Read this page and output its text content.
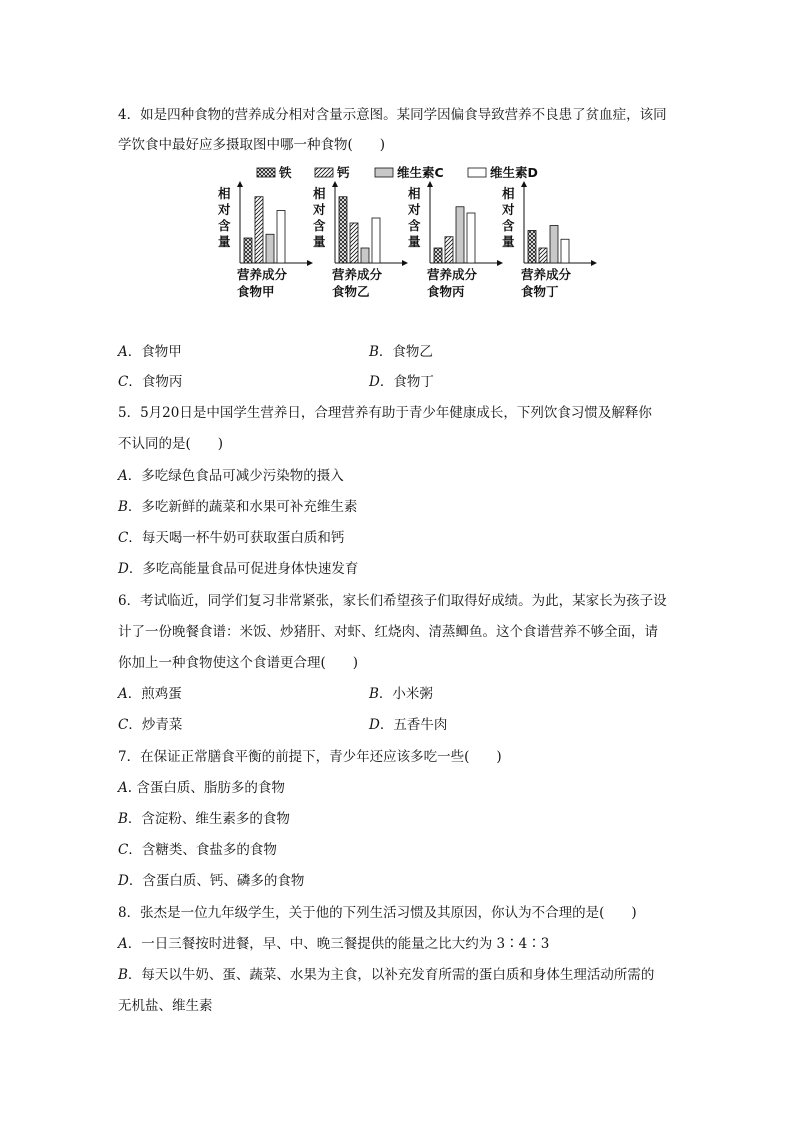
4．如是四种食物的营养成分相对含量示意图。某同学因偏食导致营养不良患了贫血症，该同
学饮食中最好应多摄取图中哪一种食物(　　)
铁	钙	维生素C	维生素D
相
对
含
量
营养成分
食物甲
相
对
含
量
营养成分
食物乙
相
对
含
量
营养成分
食物丙
相
对
含
量
营养成分
食物丁
A．食物甲	B．食物乙
C．食物丙	D．食物丁
5．5月20日是中国学生营养日，合理营养有助于青少年健康成长，下列饮食习惯及解释你
不认同的是(　　)
A．多吃绿色食品可减少污染物的摄入
B．多吃新鲜的蔬菜和水果可补充维生素
C．每天喝一杯牛奶可获取蛋白质和钙
D．多吃高能量食品可促进身体快速发育
6．考试临近，同学们复习非常紧张，家长们希望孩子们取得好成绩。为此，某家长为孩子设
计了一份晚餐食谱：米饭、炒猪肝、对虾、红烧肉、清蒸鲫鱼。这个食谱营养不够全面，请
你加上一种食物使这个食谱更合理(　　)
A．煎鸡蛋	B．小米粥
C．炒青菜	D．五香牛肉
7．在保证正常膳食平衡的前提下，青少年还应该多吃一些(　　)
A. 含蛋白质、脂肪多的食物
B．含淀粉、维生素多的食物
C．含糖类、食盐多的食物
D．含蛋白质、钙、磷多的食物
8．张杰是一位九年级学生，关于他的下列生活习惯及其原因，你认为不合理的是(　　)
A．一日三餐按时进餐，早、中、晚三餐提供的能量之比大约为 3∶4∶3
B．每天以牛奶、蛋、蔬菜、水果为主食，以补充发育所需的蛋白质和身体生理活动所需的
无机盐、维生素
